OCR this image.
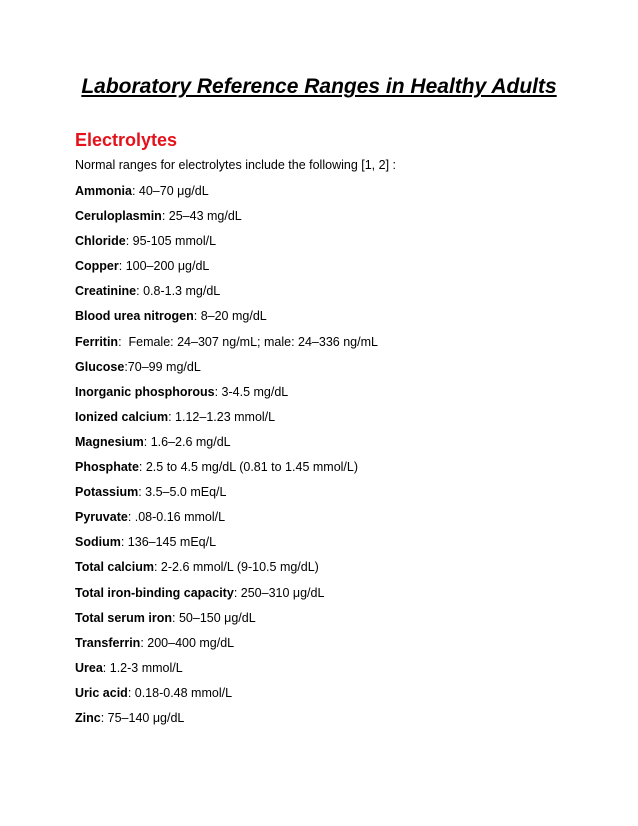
Laboratory Reference Ranges in Healthy Adults
Electrolytes
Normal ranges for electrolytes include the following [1, 2] :
Ammonia: 40–70 μg/dL
Ceruloplasmin: 25–43 mg/dL
Chloride: 95-105 mmol/L
Copper: 100–200 μg/dL
Creatinine: 0.8-1.3 mg/dL
Blood urea nitrogen: 8–20 mg/dL
Ferritin:  Female: 24–307 ng/mL; male: 24–336 ng/mL
Glucose:70–99 mg/dL
Inorganic phosphorous: 3-4.5 mg/dL
Ionized calcium: 1.12–1.23 mmol/L
Magnesium: 1.6–2.6 mg/dL
Phosphate: 2.5 to 4.5 mg/dL (0.81 to 1.45 mmol/L)
Potassium: 3.5–5.0 mEq/L
Pyruvate: .08-0.16 mmol/L
Sodium: 136–145 mEq/L
Total calcium: 2-2.6 mmol/L (9-10.5 mg/dL)
Total iron-binding capacity: 250–310 μg/dL
Total serum iron: 50–150 μg/dL
Transferrin: 200–400 mg/dL
Urea: 1.2-3 mmol/L
Uric acid: 0.18-0.48 mmol/L
Zinc: 75–140 μg/dL
